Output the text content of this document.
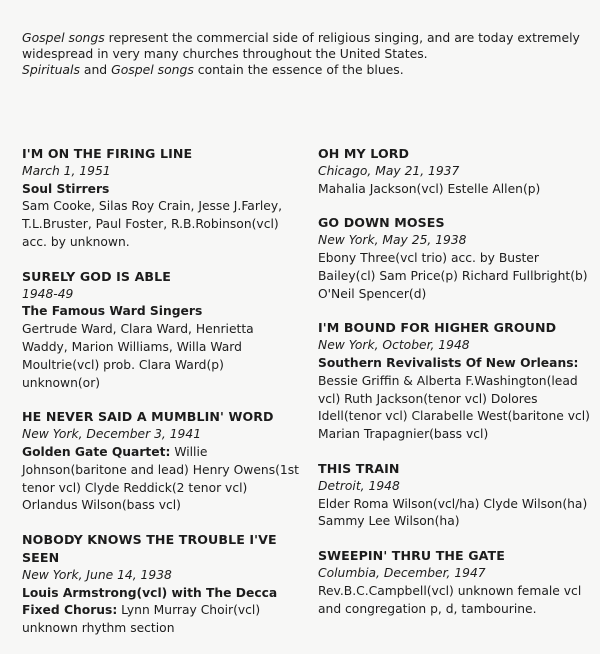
Gospel songs represent the commercial side of religious singing, and are today extremely widespread in very many churches throughout the United States.
Spirituals and Gospel songs contain the essence of the blues.
I'M ON THE FIRING LINE
March 1, 1951
Soul Stirrers
Sam Cooke, Silas Roy Crain, Jesse J.Farley, T.L.Bruster, Paul Foster, R.B.Robinson(vcl) acc. by unknown.
SURELY GOD IS ABLE
1948-49
The Famous Ward Singers
Gertrude Ward, Clara Ward, Henrietta Waddy, Marion Williams, Willa Ward Moultrie(vcl) prob. Clara Ward(p) unknown(or)
HE NEVER SAID A MUMBLIN' WORD
New York, December 3, 1941
Golden Gate Quartet: Willie Johnson(baritone and lead) Henry Owens(1st tenor vcl) Clyde Reddick(2 tenor vcl) Orlandus Wilson(bass vcl)
NOBODY KNOWS THE TROUBLE I'VE SEEN
New York, June 14, 1938
Louis Armstrong(vcl) with The Decca Fixed Chorus: Lynn Murray Choir(vcl) unknown rhythm section
OH MY LORD
Chicago, May 21, 1937
Mahalia Jackson(vcl) Estelle Allen(p)
GO DOWN MOSES
New York, May 25, 1938
Ebony Three(vcl trio) acc. by Buster Bailey(cl) Sam Price(p) Richard Fullbright(b) O'Neil Spencer(d)
I'M BOUND FOR HIGHER GROUND
New York, October, 1948
Southern Revivalists Of New Orleans:
Bessie Griffin & Alberta F.Washington(lead vcl) Ruth Jackson(tenor vcl) Dolores Idell(tenor vcl) Clarabelle West(baritone vcl) Marian Trapagnier(bass vcl)
THIS TRAIN
Detroit, 1948
Elder Roma Wilson(vcl/ha) Clyde Wilson(ha) Sammy Lee Wilson(ha)
SWEEPIN' THRU THE GATE
Columbia, December, 1947
Rev.B.C.Campbell(vcl) unknown female vcl and congregation p, d, tambourine.
